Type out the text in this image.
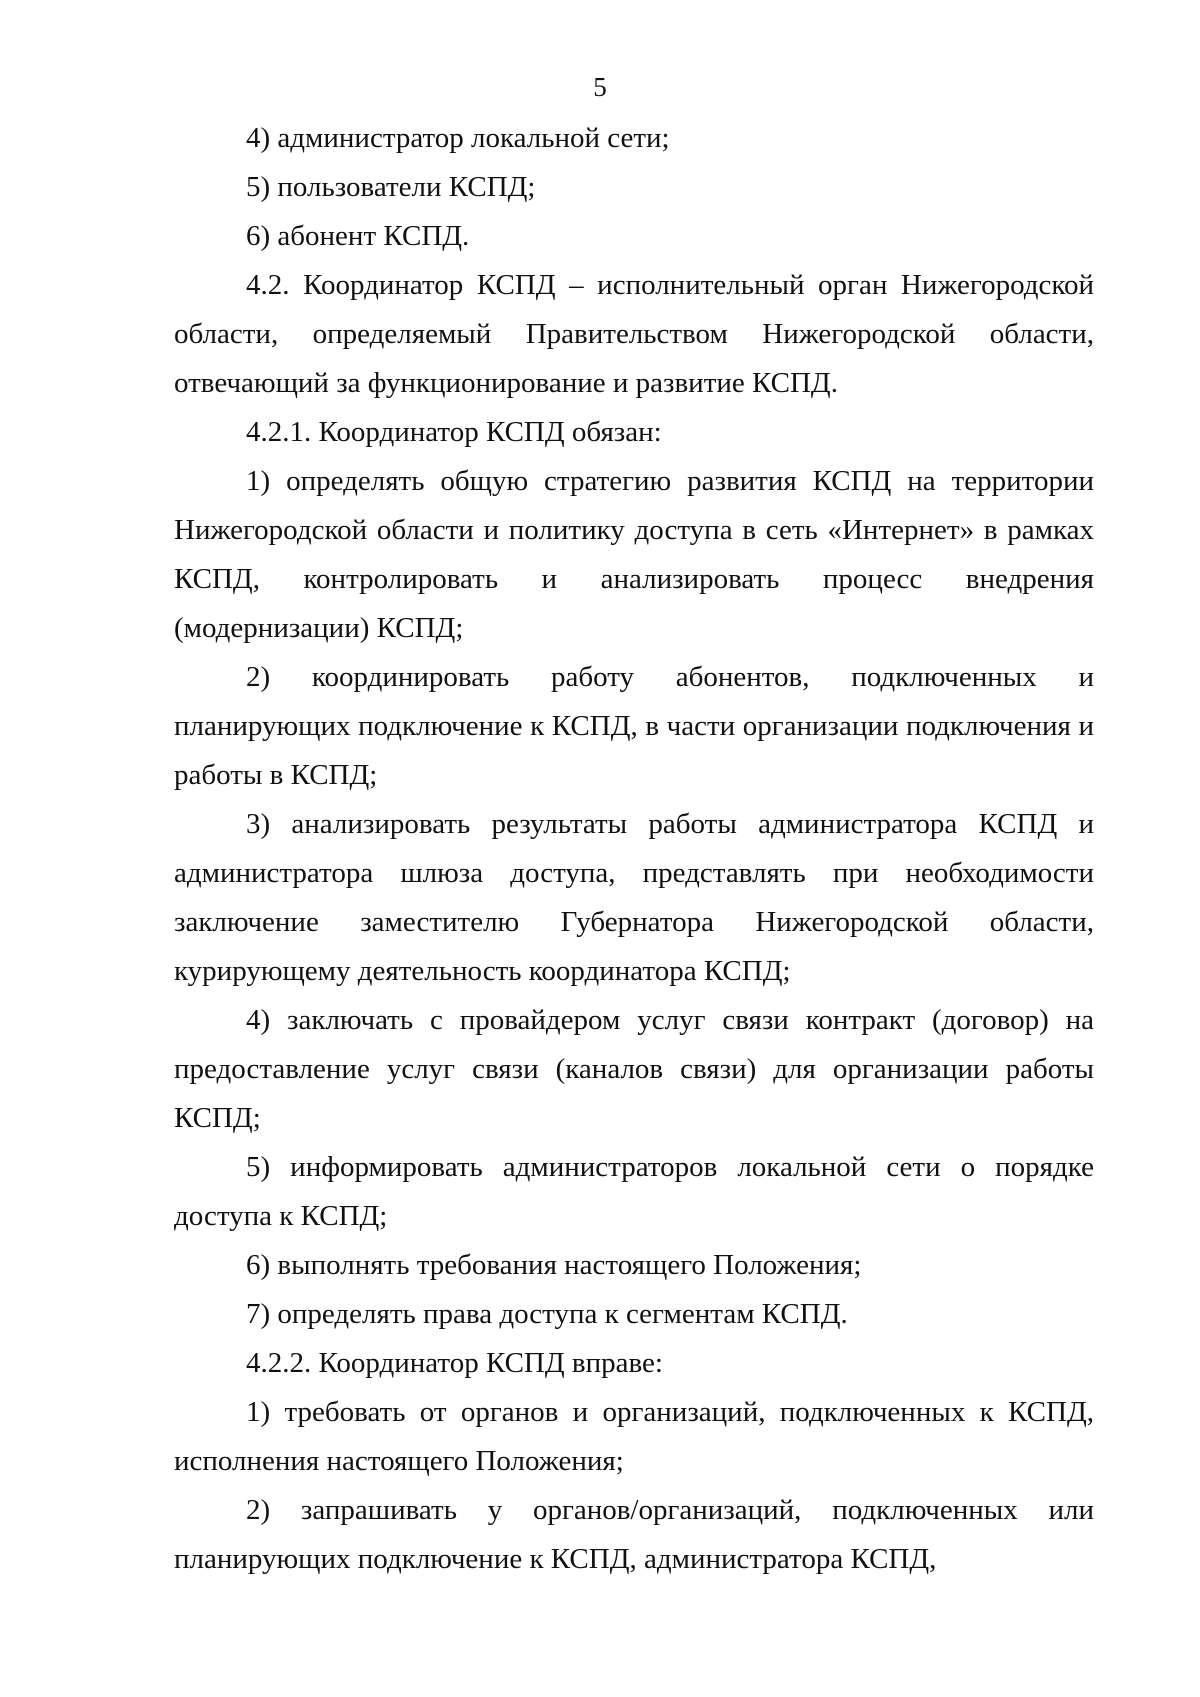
5

4) администратор локальной сети;

5) пользователи КСПД;

6) абонент КСПД.

4.2. Координатор КСПД – исполнительный орган Нижегородской области, определяемый Правительством Нижегородской области, отвечающий за функционирование и развитие КСПД.

4.2.1. Координатор КСПД обязан:

1) определять общую стратегию развития КСПД на территории Нижегородской области и политику доступа в сеть «Интернет» в рамках КСПД, контролировать и анализировать процесс внедрения (модернизации) КСПД;

2) координировать работу абонентов, подключенных и планирующих подключение к КСПД, в части организации подключения и работы в КСПД;

3) анализировать результаты работы администратора КСПД и администратора шлюза доступа, представлять при необходимости заключение заместителю Губернатора Нижегородской области, курирующему деятельность координатора КСПД;

4) заключать с провайдером услуг связи контракт (договор) на предоставление услуг связи (каналов связи) для организации работы КСПД;

5) информировать администраторов локальной сети о порядке доступа к КСПД;

6) выполнять требования настоящего Положения;

7) определять права доступа к сегментам КСПД.

4.2.2. Координатор КСПД вправе:

1) требовать от органов и организаций, подключенных к КСПД, исполнения настоящего Положения;

2) запрашивать у органов/организаций, подключенных или планирующих подключение к КСПД, администратора КСПД,
